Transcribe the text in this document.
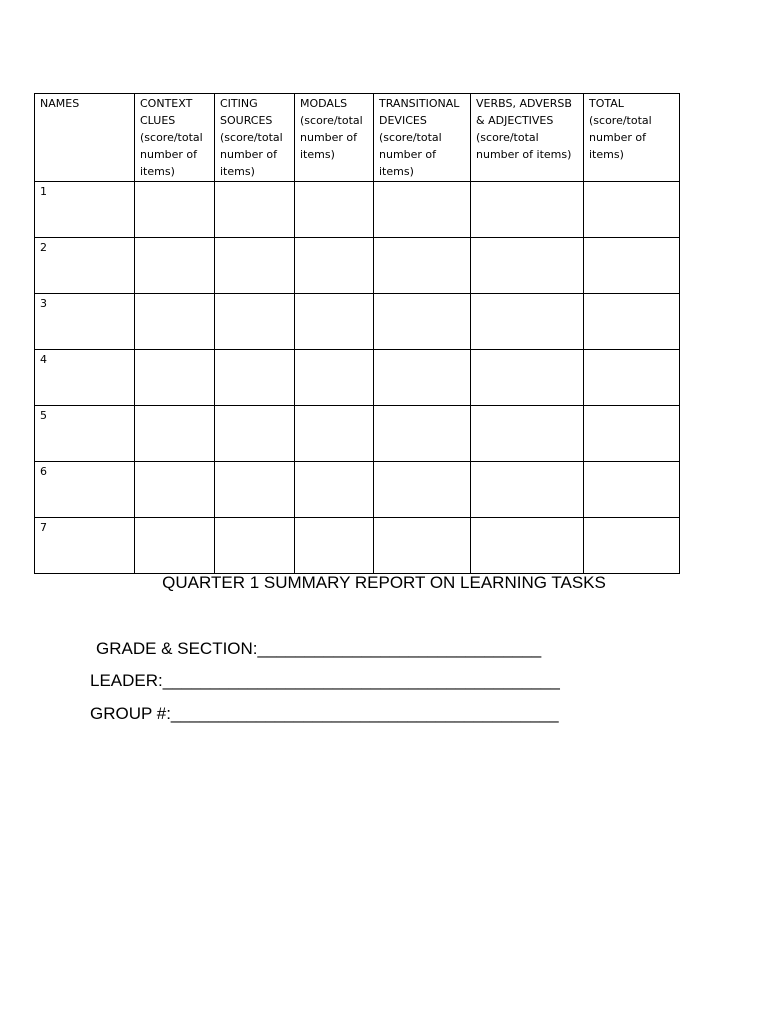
NAMES	CONTEXT
CLUES
(score/total
number of
items)	CITING
SOURCES
(score/total
number of
items)	MODALS
(score/total
number of
items)	TRANSITIONAL
DEVICES
(score/total
number of
items)	VERBS, ADVERSB
& ADJECTIVES
(score/total
number of items)	TOTAL
(score/total
number of
items)

1						
2						
3						
4						
5						
6						
7						
QUARTER 1 SUMMARY REPORT ON LEARNING TASKS
GRADE & SECTION:______________________________
LEADER:__________________________________________
GROUP #:_________________________________________
